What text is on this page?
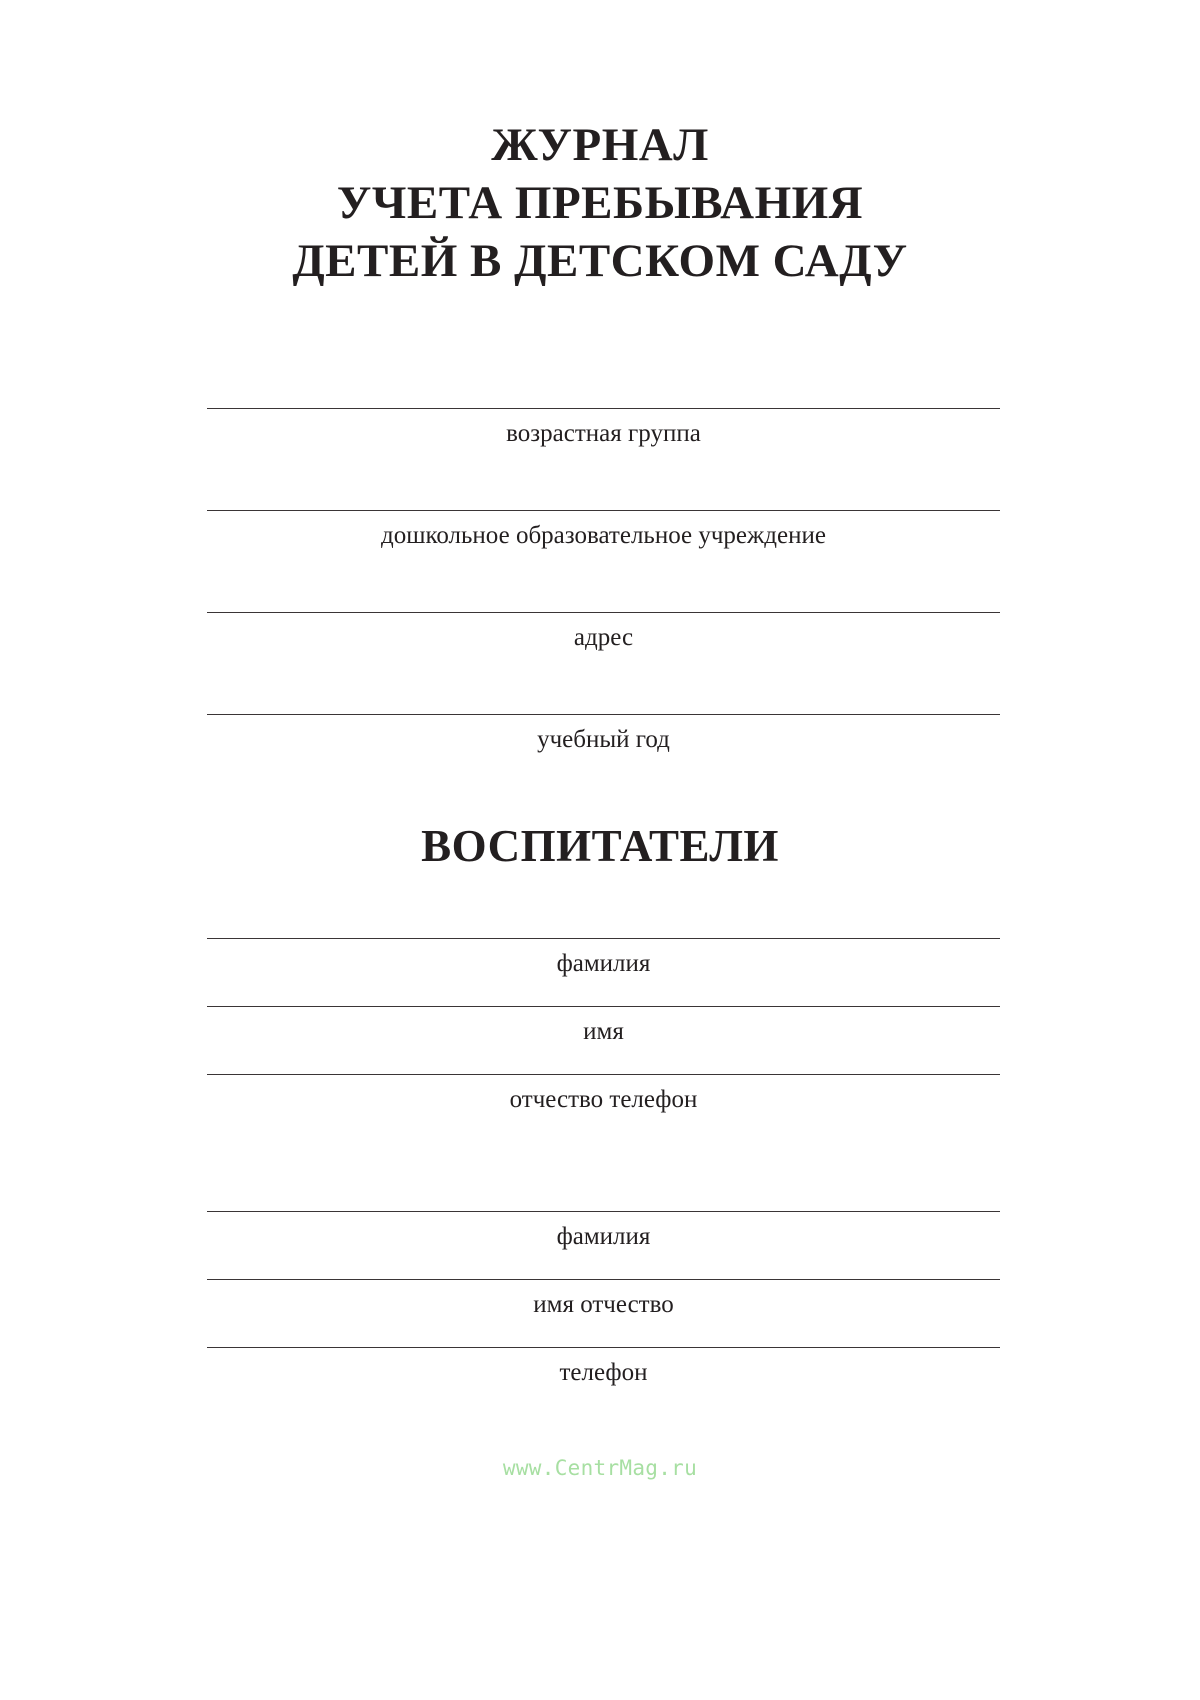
ЖУРНАЛ
УЧЕТА ПРЕБЫВАНИЯ
ДЕТЕЙ В ДЕТСКОМ САДУ
возрастная группа
дошкольное образовательное учреждение
адрес
учебный год
ВОСПИТАТЕЛИ
фамилия
имя
отчество телефон
фамилия
имя отчество
телефон
www.CentrMag.ru
